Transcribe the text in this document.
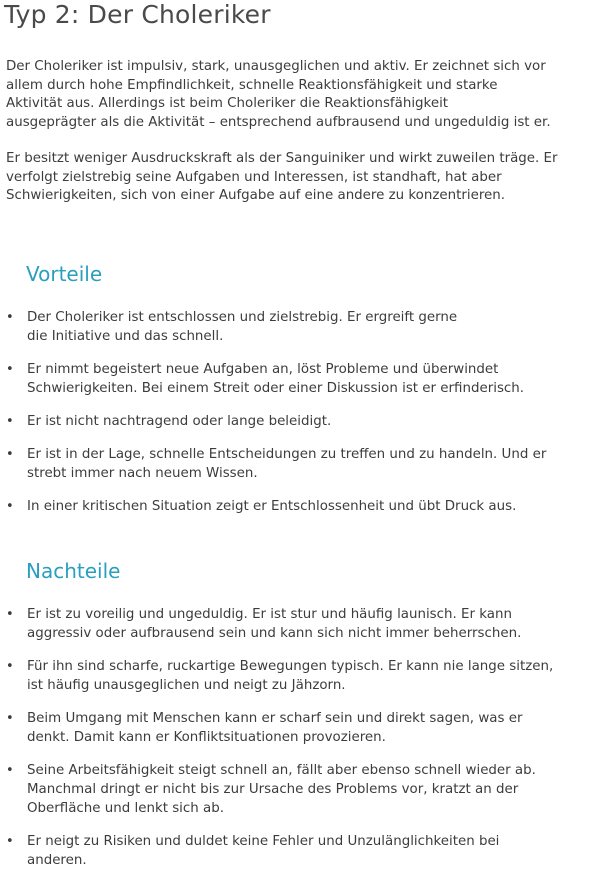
Typ 2: Der Choleriker

Der Choleriker ist impulsiv, stark, unausgeglichen und aktiv. Er zeichnet sich vor
allem durch hohe Empfindlichkeit, schnelle Reaktionsfähigkeit und starke
Aktivität aus. Allerdings ist beim Choleriker die Reaktionsfähigkeit
ausgeprägter als die Aktivität – entsprechend aufbrausend und ungeduldig ist er.

Er besitzt weniger Ausdruckskraft als der Sanguiniker und wirkt zuweilen träge. Er
verfolgt zielstrebig seine Aufgaben und Interessen, ist standhaft, hat aber
Schwierigkeiten, sich von einer Aufgabe auf eine andere zu konzentrieren.

Vorteile
• Der Choleriker ist entschlossen und zielstrebig. Er ergreift gerne
die Initiative und das schnell.
• Er nimmt begeistert neue Aufgaben an, löst Probleme und überwindet
Schwierigkeiten. Bei einem Streit oder einer Diskussion ist er erfinderisch.
• Er ist nicht nachtragend oder lange beleidigt.
• Er ist in der Lage, schnelle Entscheidungen zu treffen und zu handeln. Und er
strebt immer nach neuem Wissen.
• In einer kritischen Situation zeigt er Entschlossenheit und übt Druck aus.
Nachteile
• Er ist zu voreilig und ungeduldig. Er ist stur und häufig launisch. Er kann
aggressiv oder aufbrausend sein und kann sich nicht immer beherrschen.
• Für ihn sind scharfe, ruckartige Bewegungen typisch. Er kann nie lange sitzen,
ist häufig unausgeglichen und neigt zu Jähzorn.
• Beim Umgang mit Menschen kann er scharf sein und direkt sagen, was er
denkt. Damit kann er Konfliktsituationen provozieren.
• Seine Arbeitsfähigkeit steigt schnell an, fällt aber ebenso schnell wieder ab.
Manchmal dringt er nicht bis zur Ursache des Problems vor, kratzt an der
Oberfläche und lenkt sich ab.
• Er neigt zu Risiken und duldet keine Fehler und Unzulänglichkeiten bei
anderen.
